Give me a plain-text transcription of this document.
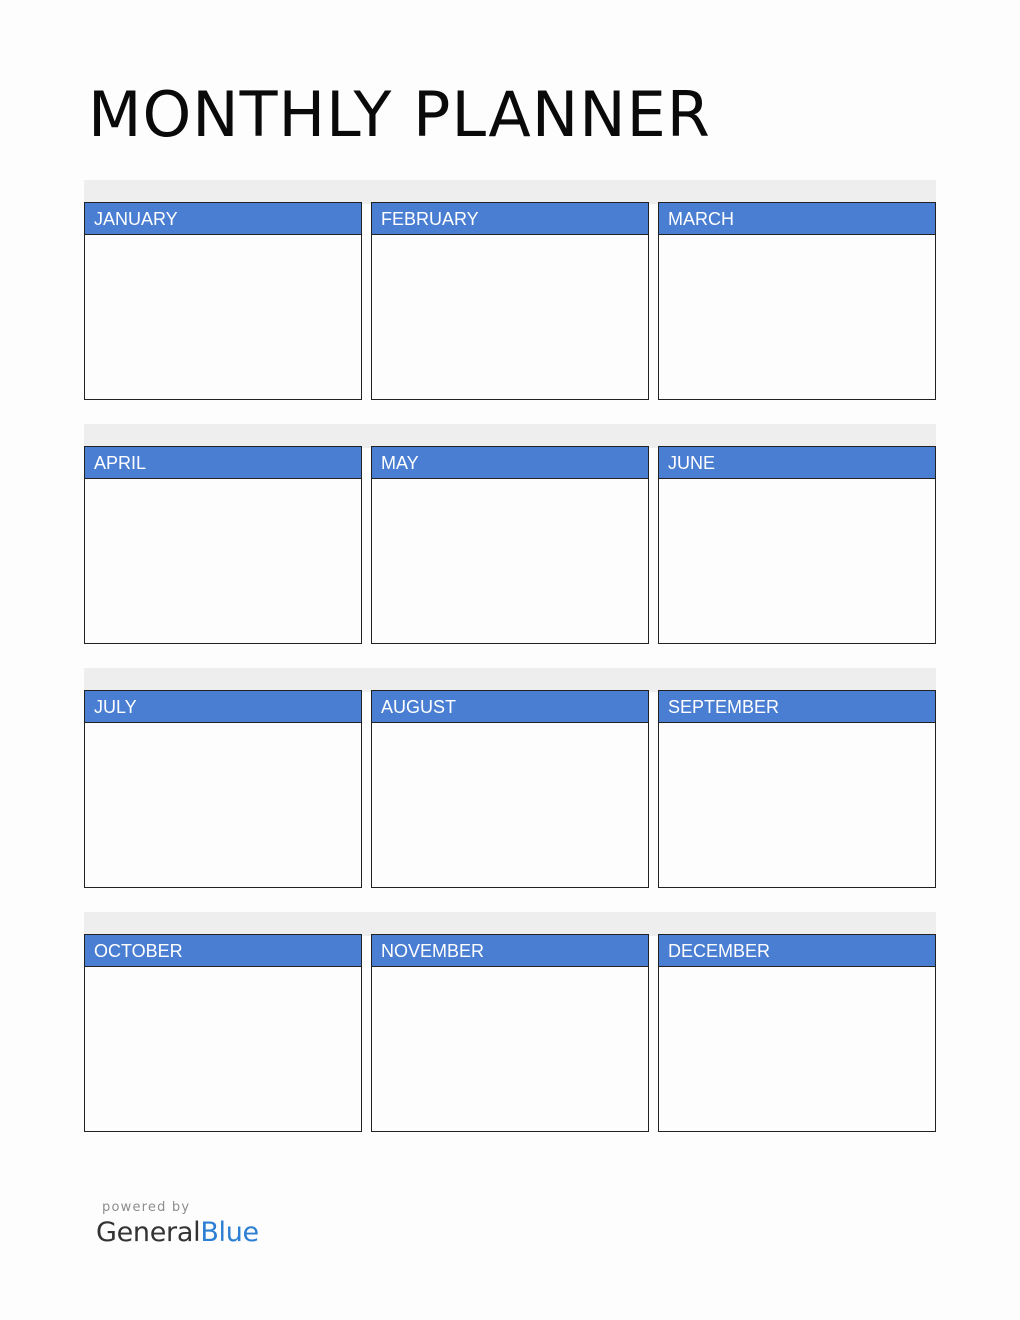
MONTHLY PLANNER
JANUARY	FEBRUARY	MARCH
APRIL	MAY	JUNE
JULY	AUGUST	SEPTEMBER
OCTOBER	NOVEMBER	DECEMBER
powered by
GeneralBlue
